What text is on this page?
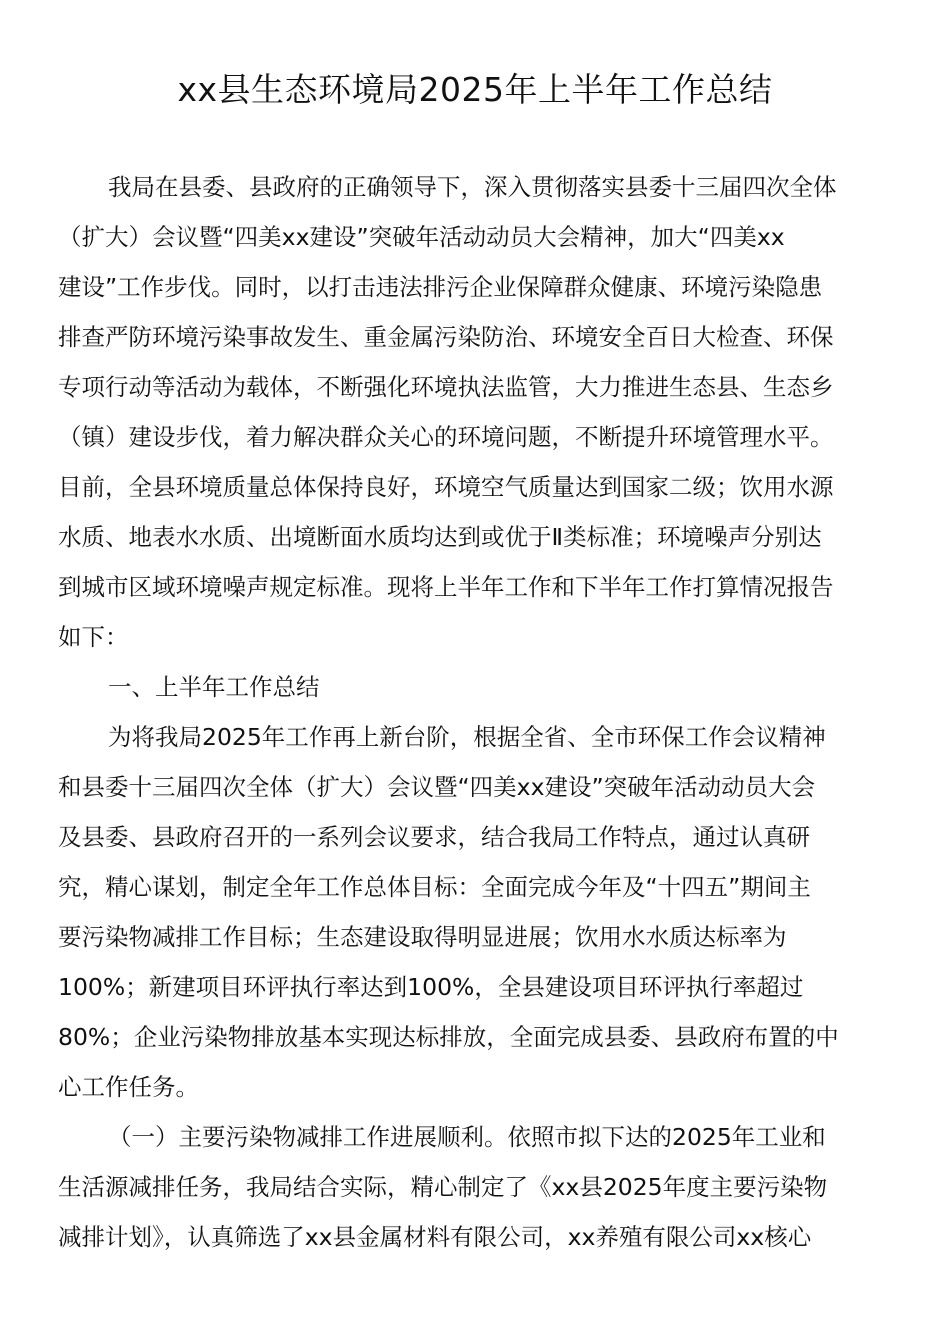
xx县生态环境局2025年上半年工作总结

我局在县委、县政府的正确领导下，深入贯彻落实县委十三届四次全体

（扩大）会议暨“四美xx建设”突破年活动动员大会精神，加大“四美xx

建设”工作步伐。同时，以打击违法排污企业保障群众健康、环境污染隐患

排查严防环境污染事故发生、重金属污染防治、环境安全百日大检查、环保

专项行动等活动为载体，不断强化环境执法监管，大力推进生态县、生态乡

（镇）建设步伐，着力解决群众关心的环境问题，不断提升环境管理水平。

目前，全县环境质量总体保持良好，环境空气质量达到国家二级；饮用水源

水质、地表水水质、出境断面水质均达到或优于Ⅱ类标准；环境噪声分别达

到城市区域环境噪声规定标准。现将上半年工作和下半年工作打算情况报告

如下：

一、上半年工作总结

为将我局2025年工作再上新台阶，根据全省、全市环保工作会议精神

和县委十三届四次全体（扩大）会议暨“四美xx建设”突破年活动动员大会

及县委、县政府召开的一系列会议要求，结合我局工作特点，通过认真研

究，精心谋划，制定全年工作总体目标：全面完成今年及“十四五”期间主

要污染物减排工作目标；生态建设取得明显进展；饮用水水质达标率为

100%；新建项目环评执行率达到100%，全县建设项目环评执行率超过

80%；企业污染物排放基本实现达标排放，全面完成县委、县政府布置的中

心工作任务。

（一）主要污染物减排工作进展顺利。依照市拟下达的2025年工业和

生活源减排任务，我局结合实际，精心制定了《xx县2025年度主要污染物

减排计划》，认真筛选了xx县金属材料有限公司，xx养殖有限公司xx核心
